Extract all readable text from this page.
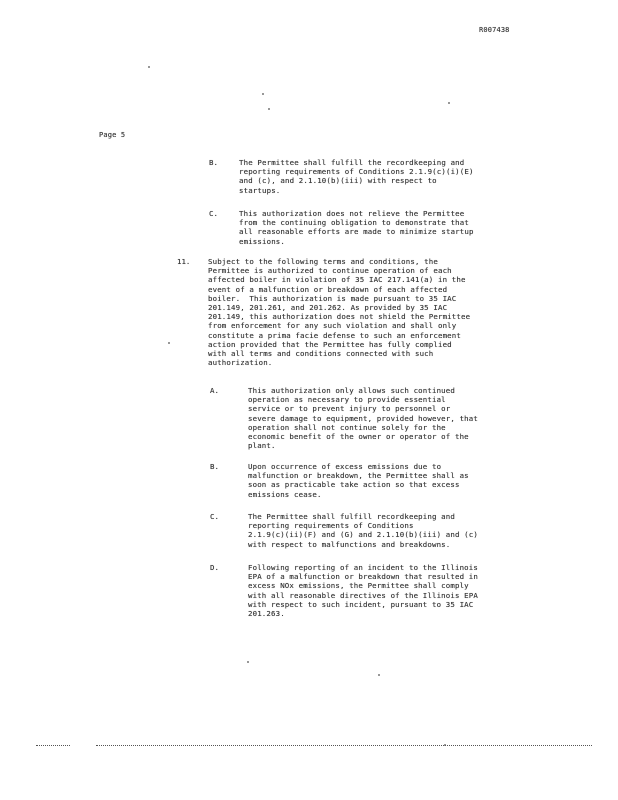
R007438
Page 5
B.	The Permittee shall fulfill the recordkeeping and
reporting requirements of Conditions 2.1.9(c)(i)(E)
and (c), and 2.1.10(b)(iii) with respect to
startups.
C.	This authorization does not relieve the Permittee
from the continuing obligation to demonstrate that
all reasonable efforts are made to minimize startup
emissions.
11.	Subject to the following terms and conditions, the
Permittee is authorized to continue operation of each
affected boiler in violation of 35 IAC 217.141(a) in the
event of a malfunction or breakdown of each affected
boiler.  This authorization is made pursuant to 35 IAC
201.149, 201.261, and 201.262. As provided by 35 IAC
201.149, this authorization does not shield the Permittee
from enforcement for any such violation and shall only
constitute a prima facie defense to such an enforcement
action provided that the Permittee has fully complied
with all terms and conditions connected with such
authorization.
A.	This authorization only allows such continued
operation as necessary to provide essential
service or to prevent injury to personnel or
severe damage to equipment, provided however, that
operation shall not continue solely for the
economic benefit of the owner or operator of the
plant.
B.	Upon occurrence of excess emissions due to
malfunction or breakdown, the Permittee shall as
soon as practicable take action so that excess
emissions cease.
C.	The Permittee shall fulfill recordkeeping and
reporting requirements of Conditions
2.1.9(c)(ii)(F) and (G) and 2.1.10(b)(iii) and (c)
with respect to malfunctions and breakdowns.
D.	Following reporting of an incident to the Illinois
EPA of a malfunction or breakdown that resulted in
excess NOx emissions, the Permittee shall comply
with all reasonable directives of the Illinois EPA
with respect to such incident, pursuant to 35 IAC
201.263.
